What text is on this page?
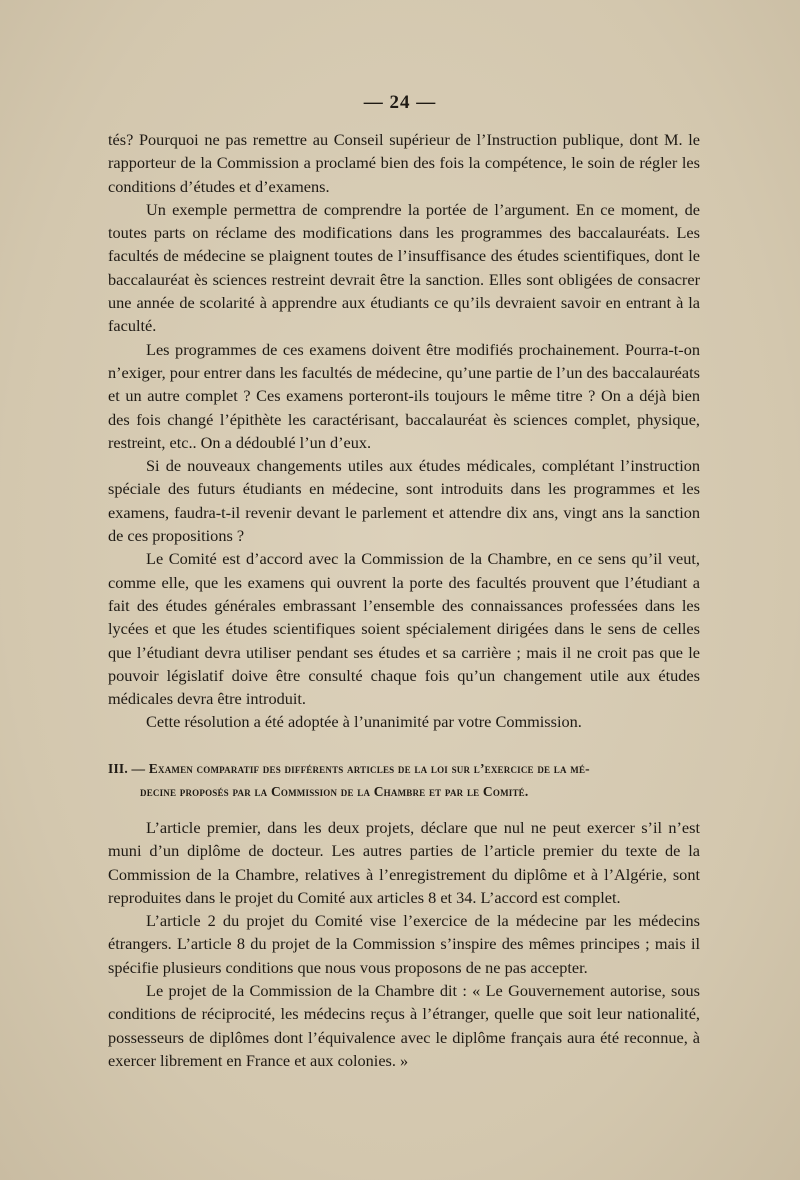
— 24 —

tés? Pourquoi ne pas remettre au Conseil supérieur de l’Instruction publique, dont M. le rapporteur de la Commission a proclamé bien des fois la compétence, le soin de régler les conditions d’études et d’examens.

Un exemple permettra de comprendre la portée de l’argument. En ce moment, de toutes parts on réclame des modifications dans les programmes des baccalauréats. Les facultés de médecine se plaignent toutes de l’insuffisance des études scientifiques, dont le baccalauréat ès sciences restreint devrait être la sanction. Elles sont obligées de consacrer une année de scolarité à apprendre aux étudiants ce qu’ils devraient savoir en entrant à la faculté.

Les programmes de ces examens doivent être modifiés prochainement. Pourra-t-on n’exiger, pour entrer dans les facultés de médecine, qu’une partie de l’un des baccalauréats et un autre complet ? Ces examens porteront-ils toujours le même titre ? On a déjà bien des fois changé l’épithète les caractérisant, baccalauréat ès sciences complet, physique, restreint, etc.. On a dédoublé l’un d’eux.

Si de nouveaux changements utiles aux études médicales, complétant l’instruction spéciale des futurs étudiants en médecine, sont introduits dans les programmes et les examens, faudra-t-il revenir devant le parlement et attendre dix ans, vingt ans la sanction de ces propositions ?

Le Comité est d’accord avec la Commission de la Chambre, en ce sens qu’il veut, comme elle, que les examens qui ouvrent la porte des facultés prouvent que l’étudiant a fait des études générales embrassant l’ensemble des connaissances professées dans les lycées et que les études scientifiques soient spécialement dirigées dans le sens de celles que l’étudiant devra utiliser pendant ses études et sa carrière ; mais il ne croit pas que le pouvoir législatif doive être consulté chaque fois qu’un changement utile aux études médicales devra être introduit.

Cette résolution a été adoptée à l’unanimité par votre Commission.

III. — Examen comparatif des différents articles de la loi sur l’exercice de la mé-
decine proposés par la Commission de la Chambre et par le Comité.

L’article premier, dans les deux projets, déclare que nul ne peut exercer s’il n’est muni d’un diplôme de docteur. Les autres parties de l’article premier du texte de la Commission de la Chambre, relatives à l’enregistrement du diplôme et à l’Algérie, sont reproduites dans le projet du Comité aux articles 8 et 34. L’accord est complet.

L’article 2 du projet du Comité vise l’exercice de la médecine par les médecins étrangers. L’article 8 du projet de la Commission s’inspire des mêmes principes ; mais il spécifie plusieurs conditions que nous vous proposons de ne pas accepter.

Le projet de la Commission de la Chambre dit : « Le Gouvernement autorise, sous conditions de réciprocité, les médecins reçus à l’étranger, quelle que soit leur nationalité, possesseurs de diplômes dont l’équivalence avec le diplôme français aura été reconnue, à exercer librement en France et aux colonies. »
